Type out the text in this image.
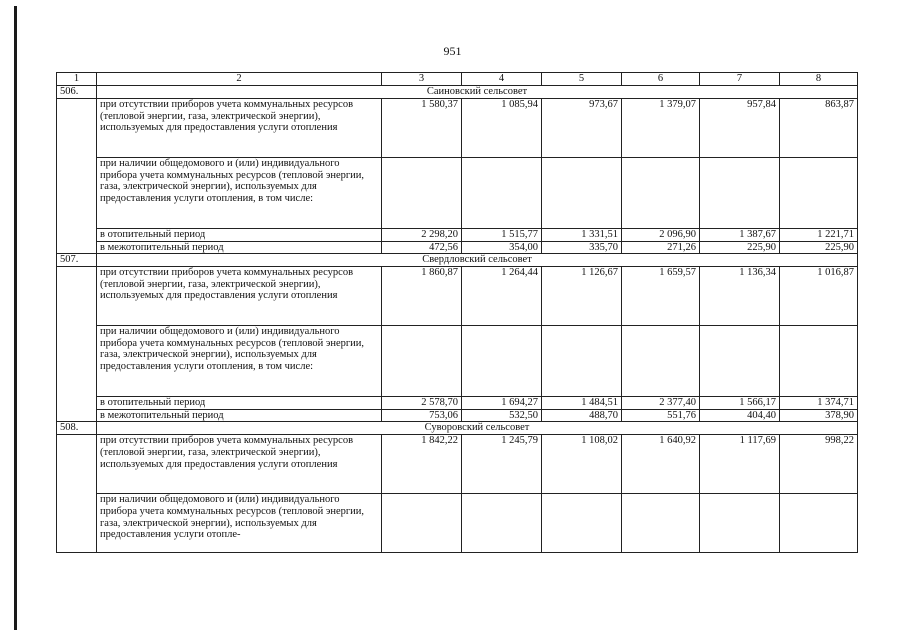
951
1	2	3	4	5	6	7	8
506.	Саиновский сельсовет						
	при отсутствии приборов учета коммунальных ресурсов (тепловой энергии, газа, электрической энергии), используемых для предоставления услуги отопления	1 580,37	1 085,94	973,67	1 379,07	957,84	863,87
	при наличии общедомового и (или) индивидуального прибора учета коммунальных ресурсов (тепловой энергии, газа, электрической энергии), используемых для предоставления услуги отопления, в том числе:						
	в отопительный период	2 298,20	1 515,77	1 331,51	2 096,90	1 387,67	1 221,71
	в межотопительный период	472,56	354,00	335,70	271,26	225,90	225,90
507.	Свердловский сельсовет						
	при отсутствии приборов учета коммунальных ресурсов (тепловой энергии, газа, электрической энергии), используемых для предоставления услуги отопления	1 860,87	1 264,44	1 126,67	1 659,57	1 136,34	1 016,87
	при наличии общедомового и (или) индивидуального прибора учета коммунальных ресурсов (тепловой энергии, газа, электрической энергии), используемых для предоставления услуги отопления, в том числе:						
	в отопительный период	2 578,70	1 694,27	1 484,51	2 377,40	1 566,17	1 374,71
	в межотопительный период	753,06	532,50	488,70	551,76	404,40	378,90
508.	Суворовский сельсовет						
	при отсутствии приборов учета коммунальных ресурсов (тепловой энергии, газа, электрической энергии), используемых для предоставления услуги отопления	1 842,22	1 245,79	1 108,02	1 640,92	1 117,69	998,22
	при наличии общедомового и (или) индивидуального прибора учета коммунальных ресурсов (тепловой энергии, газа, электрической энергии), используемых для предоставления услуги отопле-						
